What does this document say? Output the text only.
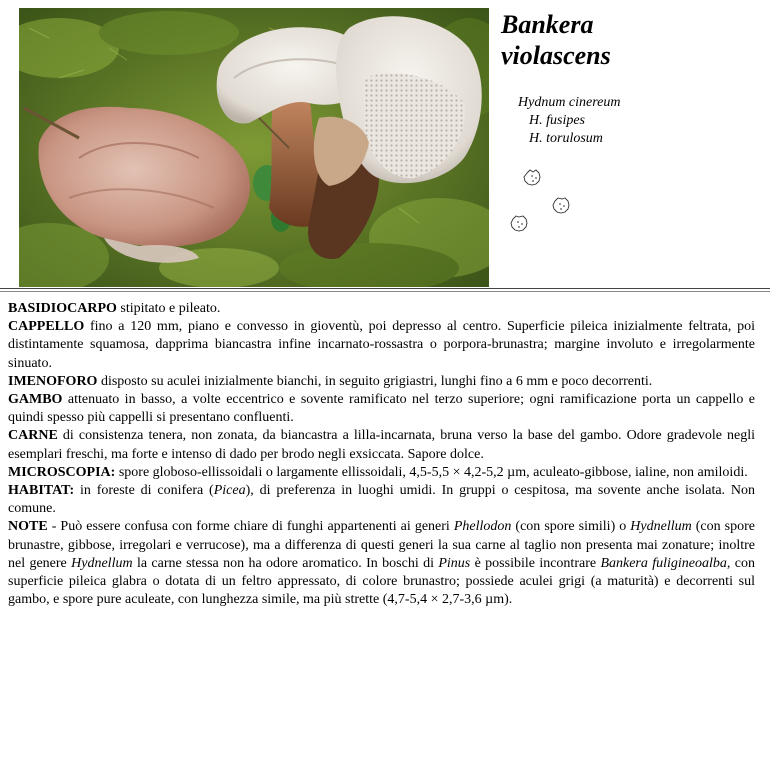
Bankera
violascens
Hydnum cinereum
H. fusipes
H. torulosum

BASIDIOCARPO stipitato e pileato.

CAPPELLO fino a 120 mm, piano e convesso in gioventù, poi depresso al centro. Superficie pileica inizialmente feltrata, poi distintamente squamosa, dapprima biancastra infine incarnato-rossastra o porpora-brunastra; margine involuto e irregolarmente sinuato.

IMENOFORO disposto su aculei inizialmente bianchi, in seguito grigiastri, lunghi fino a 6 mm e poco decorrenti.

GAMBO attenuato in basso, a volte eccentrico e sovente ramificato nel terzo superiore; ogni ramificazione porta un cappello e quindi spesso più cappelli si presentano confluenti.

CARNE di consistenza tenera, non zonata, da biancastra a lilla-incarnata, bruna verso la base del gambo. Odore gradevole negli esemplari freschi, ma forte e intenso di dado per brodo negli exsiccata. Sapore dolce.

MICROSCOPIA: spore globoso-ellissoidali o largamente ellissoidali, 4,5-5,5 × 4,2-5,2 µm, aculeato-gibbose, ialine, non amiloidi.

HABITAT: in foreste di conifera (Picea), di preferenza in luoghi umidi. In gruppi o cespitosa, ma sovente anche isolata. Non comune.

NOTE - Può essere confusa con forme chiare di funghi appartenenti ai generi Phellodon (con spore simili) o Hydnellum (con spore brunastre, gibbose, irregolari e verrucose), ma a differenza di questi generi la sua carne al taglio non presenta mai zonature; inoltre nel genere Hydnellum la carne stessa non ha odore aromatico. In boschi di Pinus è possibile incontrare Bankera fuligineoalba, con superficie pileica glabra o dotata di un feltro appressato, di colore brunastro; possiede aculei grigi (a maturità) e decorrenti sul gambo, e spore pure aculeate, con lunghezza simile, ma più strette (4,7-5,4 × 2,7-3,6 µm).
